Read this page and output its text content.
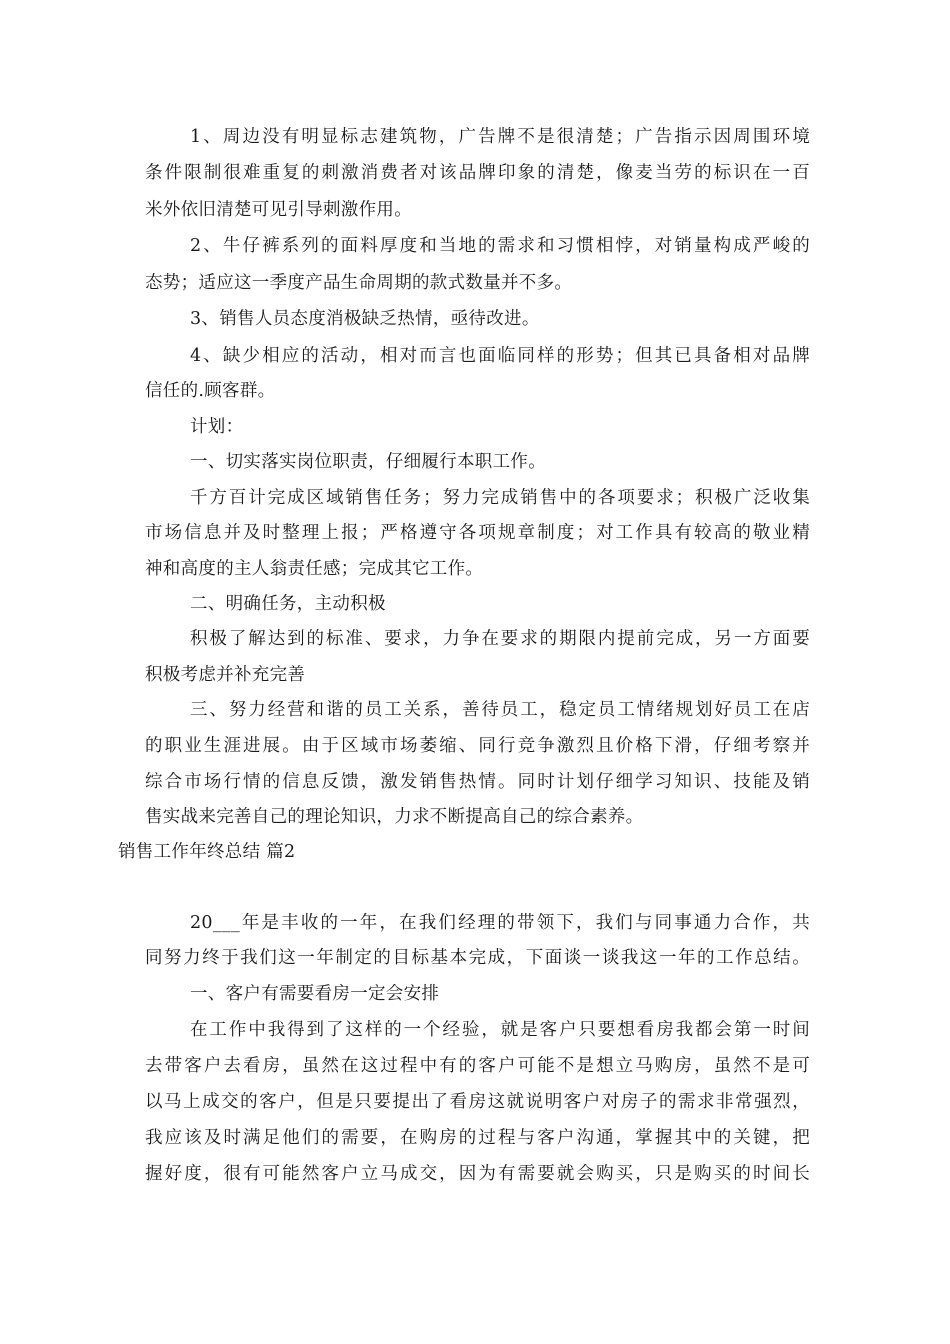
1、周边没有明显标志建筑物，广告牌不是很清楚；广告指示因周围环境
条件限制很难重复的刺激消费者对该品牌印象的清楚，像麦当劳的标识在一百
米外依旧清楚可见引导刺激作用。
2、牛仔裤系列的面料厚度和当地的需求和习惯相悖，对销量构成严峻的
态势；适应这一季度产品生命周期的款式数量并不多。
3、销售人员态度消极缺乏热情，亟待改进。
4、缺少相应的活动，相对而言也面临同样的形势；但其已具备相对品牌
信任的.顾客群。
计划：
一、切实落实岗位职责，仔细履行本职工作。
千方百计完成区域销售任务；努力完成销售中的各项要求；积极广泛收集
市场信息并及时整理上报；严格遵守各项规章制度；对工作具有较高的敬业精
神和高度的主人翁责任感；完成其它工作。
二、明确任务，主动积极
积极了解达到的标准、要求，力争在要求的期限内提前完成，另一方面要
积极考虑并补充完善
三、努力经营和谐的员工关系，善待员工，稳定员工情绪规划好员工在店
的职业生涯进展。由于区域市场萎缩、同行竞争激烈且价格下滑，仔细考察并
综合市场行情的信息反馈，激发销售热情。同时计划仔细学习知识、技能及销
售实战来完善自己的理论知识，力求不断提高自己的综合素养。
销售工作年终总结 篇2
20___年是丰收的一年，在我们经理的带领下，我们与同事通力合作，共
同努力终于我们这一年制定的目标基本完成，下面谈一谈我这一年的工作总结。
一、客户有需要看房一定会安排
在工作中我得到了这样的一个经验，就是客户只要想看房我都会第一时间
去带客户去看房，虽然在这过程中有的客户可能不是想立马购房，虽然不是可
以马上成交的客户，但是只要提出了看房这就说明客户对房子的需求非常强烈，
我应该及时满足他们的需要，在购房的过程与客户沟通，掌握其中的关键，把
握好度，很有可能然客户立马成交，因为有需要就会购买，只是购买的时间长
